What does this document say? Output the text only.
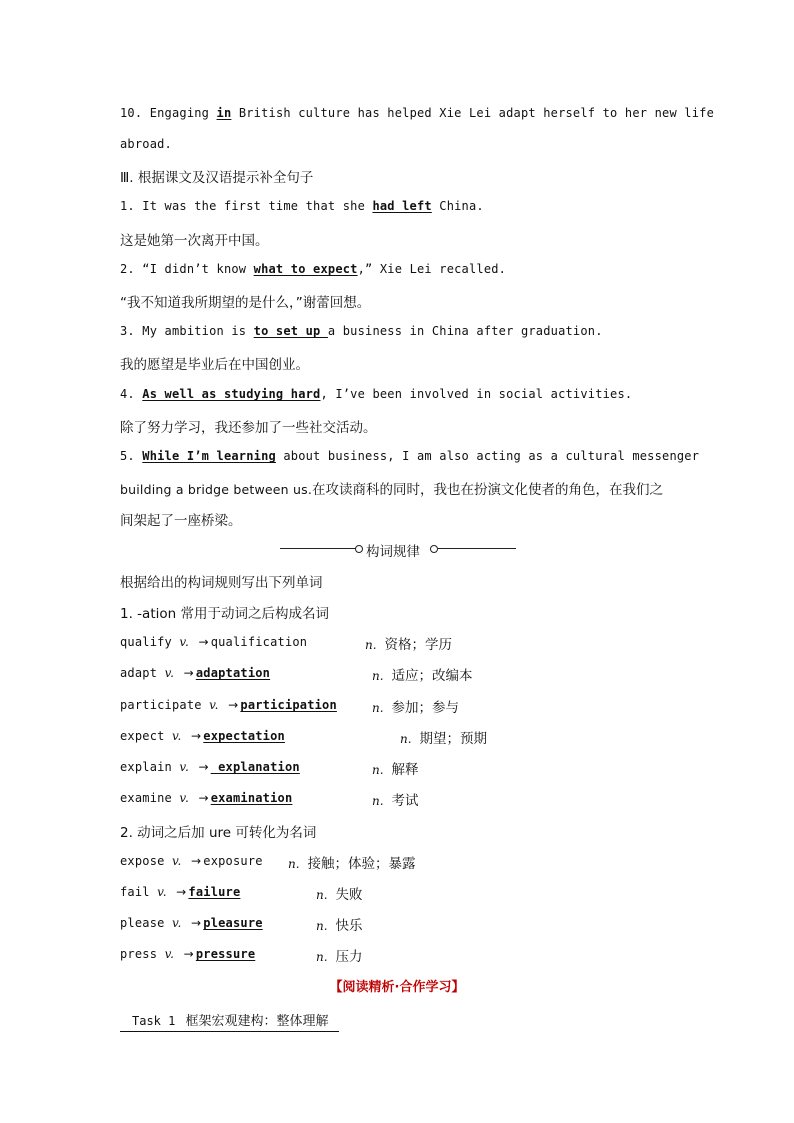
10. Engaging in British culture has helped Xie Lei adapt herself to her new life
abroad.
Ⅲ. 根据课文及汉语提示补全句子
1. It was the first time that she had left China.
这是她第一次离开中国。
2. “I didn’t know what to expect,” Xie Lei recalled.
“我不知道我所期望的是什么，”谢蕾回想。
3. My ambition is to set up a business in China after graduation.
我的愿望是毕业后在中国创业。
4. As well as studying hard, I’ve been involved in social activities.
除了努力学习，我还参加了一些社交活动。
5. While I’m learning about business, I am also acting as a cultural messenger
building a bridge between us.在攻读商科的同时，我也在扮演文化使者的角色，在我们之
间架起了一座桥梁。
构词规律
根据给出的构词规则写出下列单词
1. -ation 常用于动词之后构成名词
qualify v. → qualification	n. 资格；学历
adapt v. → adaptation	n. 适应；改编本
participate v. → participation	n. 参加；参与
expect v. → expectation	n. 期望；预期
explain v. → explanation	n. 解释
examine v. → examination	n. 考试
2. 动词之后加 ure 可转化为名词
expose v. → exposure n. 接触；体验；暴露
fail v. → failure	n. 失败
please v. → pleasure	n. 快乐
press v. → pressure	n. 压力
【阅读精析·合作学习】
Task 1 框架宏观建构：整体理解
